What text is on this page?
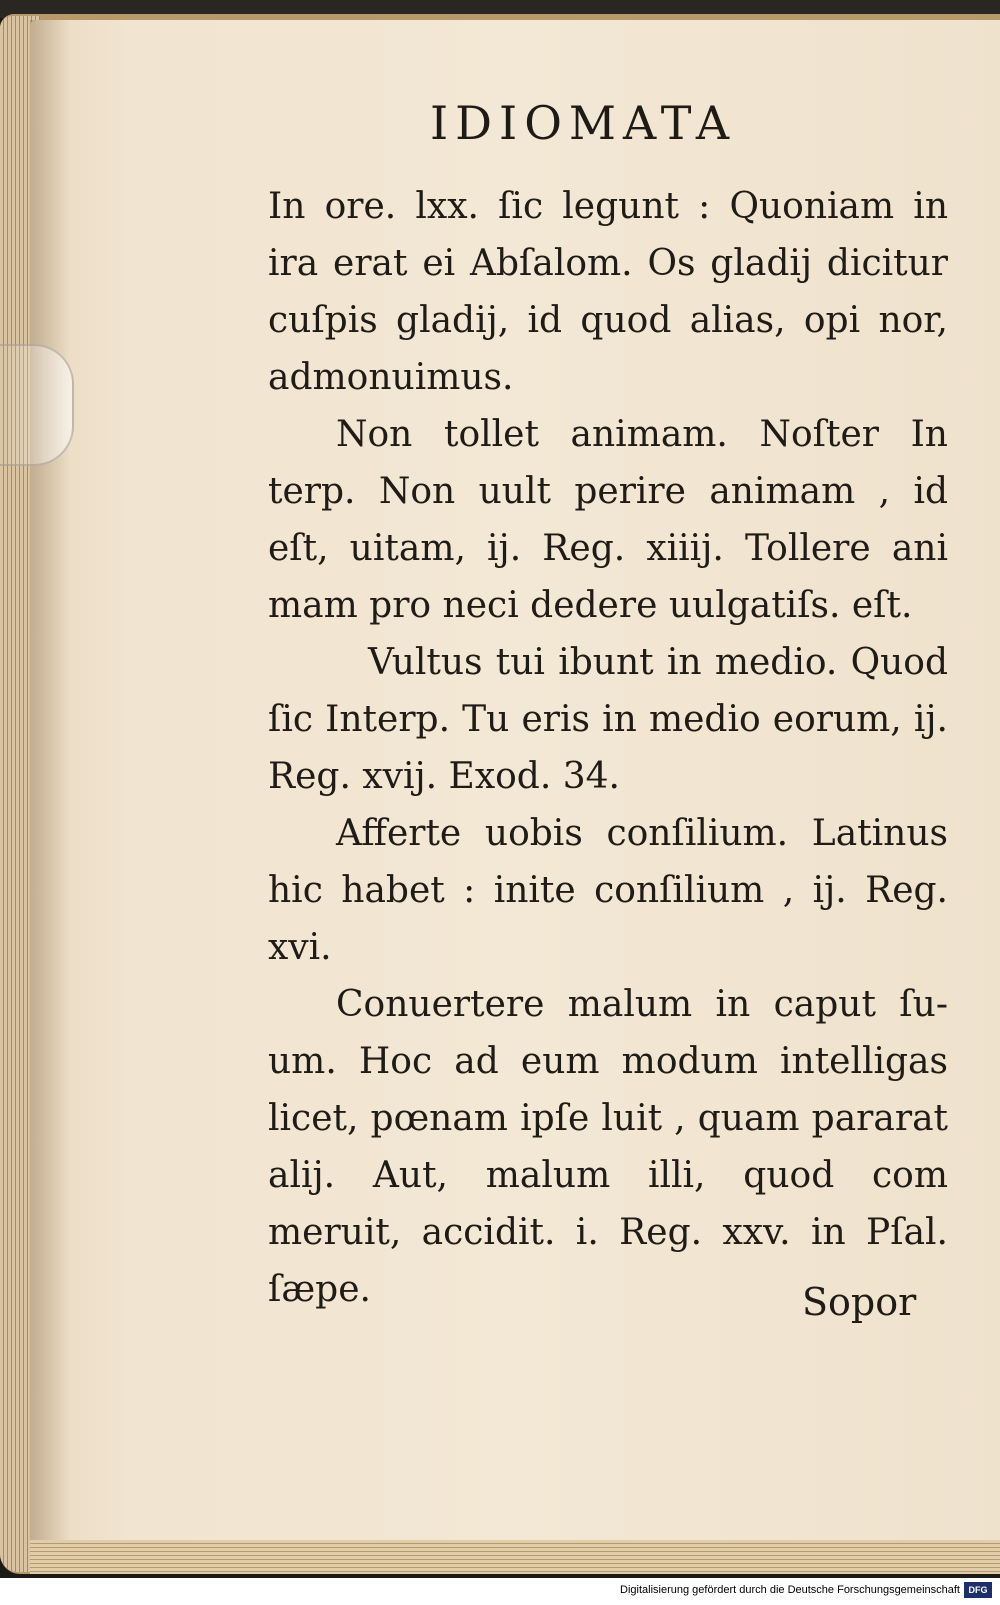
IDIOMATA

In ore. lxx. ſic legunt : Quoniam in ira erat ei Abſalom. Os gladij dicitur cuſpis gladij, id quod alias, opi nor, admonuimus.

Non tollet animam. Noſter In terp. Non uult perire animam , id eſt, uitam, ij. Reg. xiiij. Tollere ani mam pro neci dedere uulgatiſs. eſt.

Vultus tui ibunt in medio. Quod ſic Interp. Tu eris in medio eorum, ij. Reg. xvij. Exod. 34.

Afferte uobis conſilium. Latinus hic habet : inite conſilium , ij. Reg. xvi.

Conuertere malum in caput ſuum. Hoc ad eum modum intelligas licet, pœnam ipſe luit , quam pararat alij. Aut, malum illi, quod com meruit, accidit. i. Reg. xxv. in Pſal. ſæpe.	Sopor
Digitalisierung gefördert durch die Deutsche Forschungsgemeinschaft DFG
